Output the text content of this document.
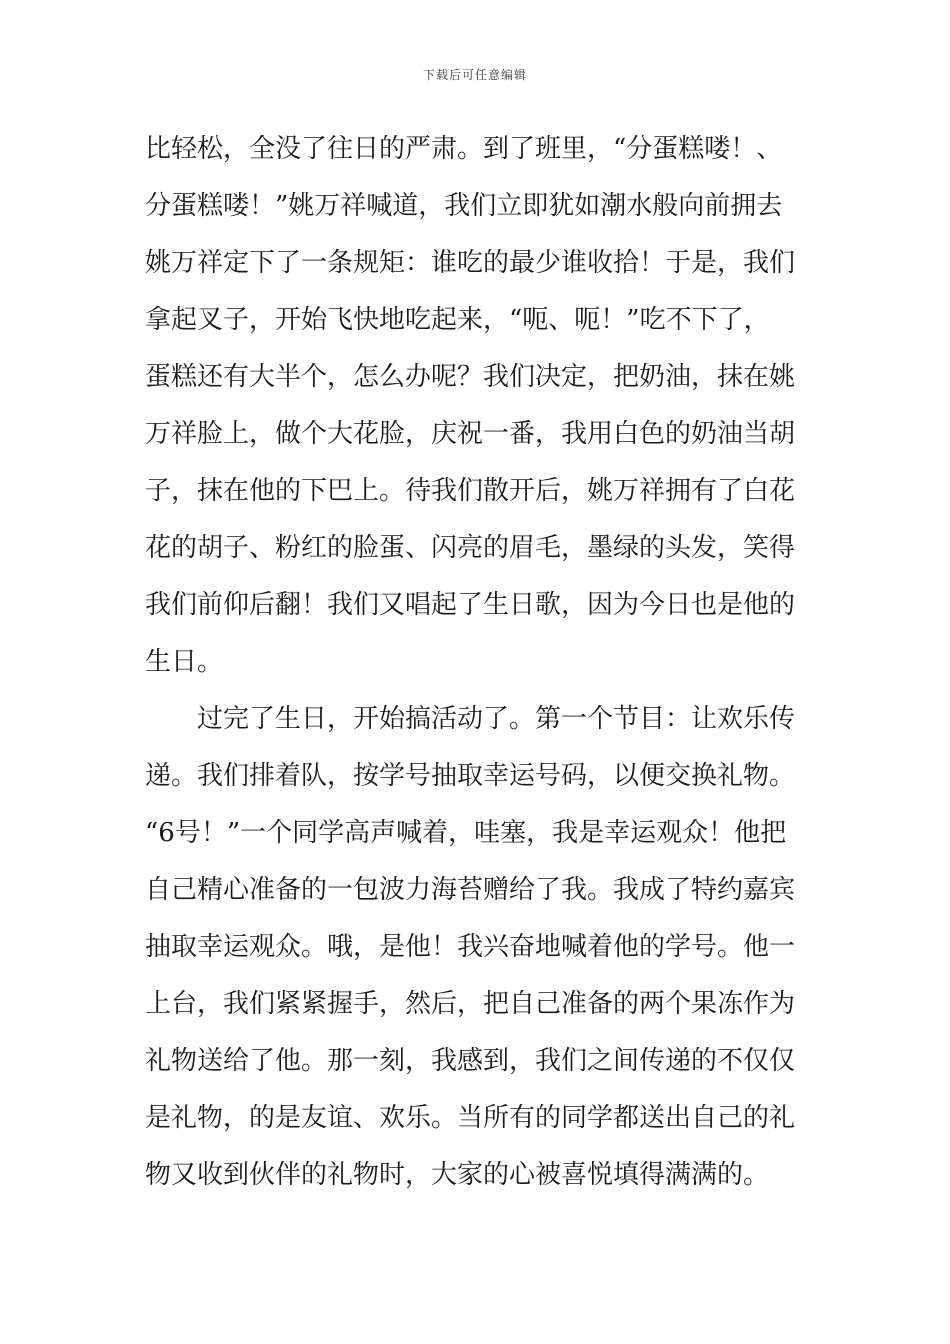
下载后可任意编辑
比轻松，全没了往日的严肃。到了班里，“分蛋糕喽！、
分蛋糕喽！”姚万祥喊道，我们立即犹如潮水般向前拥去
姚万祥定下了一条规矩：谁吃的最少谁收拾！于是，我们
拿起叉子，开始飞快地吃起来，“呃、呃！”吃不下了，
蛋糕还有大半个，怎么办呢？我们决定，把奶油，抹在姚
万祥脸上，做个大花脸，庆祝一番，我用白色的奶油当胡
子，抹在他的下巴上。待我们散开后，姚万祥拥有了白花
花的胡子、粉红的脸蛋、闪亮的眉毛，墨绿的头发，笑得
我们前仰后翻！我们又唱起了生日歌，因为今日也是他的
生日。
过完了生日，开始搞活动了。第一个节目：让欢乐传
递。我们排着队，按学号抽取幸运号码，以便交换礼物。
“6号！”一个同学高声喊着，哇塞，我是幸运观众！他把
自己精心准备的一包波力海苔赠给了我。我成了特约嘉宾
抽取幸运观众。哦，是他！我兴奋地喊着他的学号。他一
上台，我们紧紧握手，然后，把自己准备的两个果冻作为
礼物送给了他。那一刻，我感到，我们之间传递的不仅仅
是礼物，的是友谊、欢乐。当所有的同学都送出自己的礼
物又收到伙伴的礼物时，大家的心被喜悦填得满满的。
